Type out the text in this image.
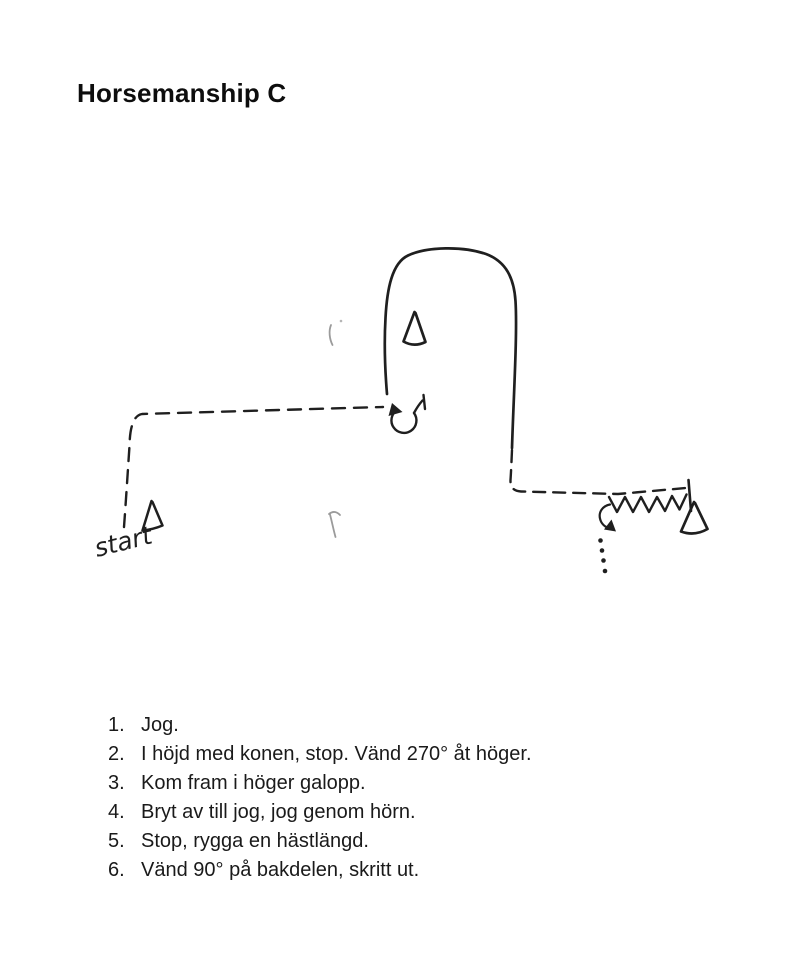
Horsemanship C
start
1. Jog.
2. I höjd med konen, stop. Vänd 270° åt höger.
3. Kom fram i höger galopp.
4. Bryt av till jog, jog genom hörn.
5. Stop, rygga en hästlängd.
6. Vänd 90° på bakdelen, skritt ut.
